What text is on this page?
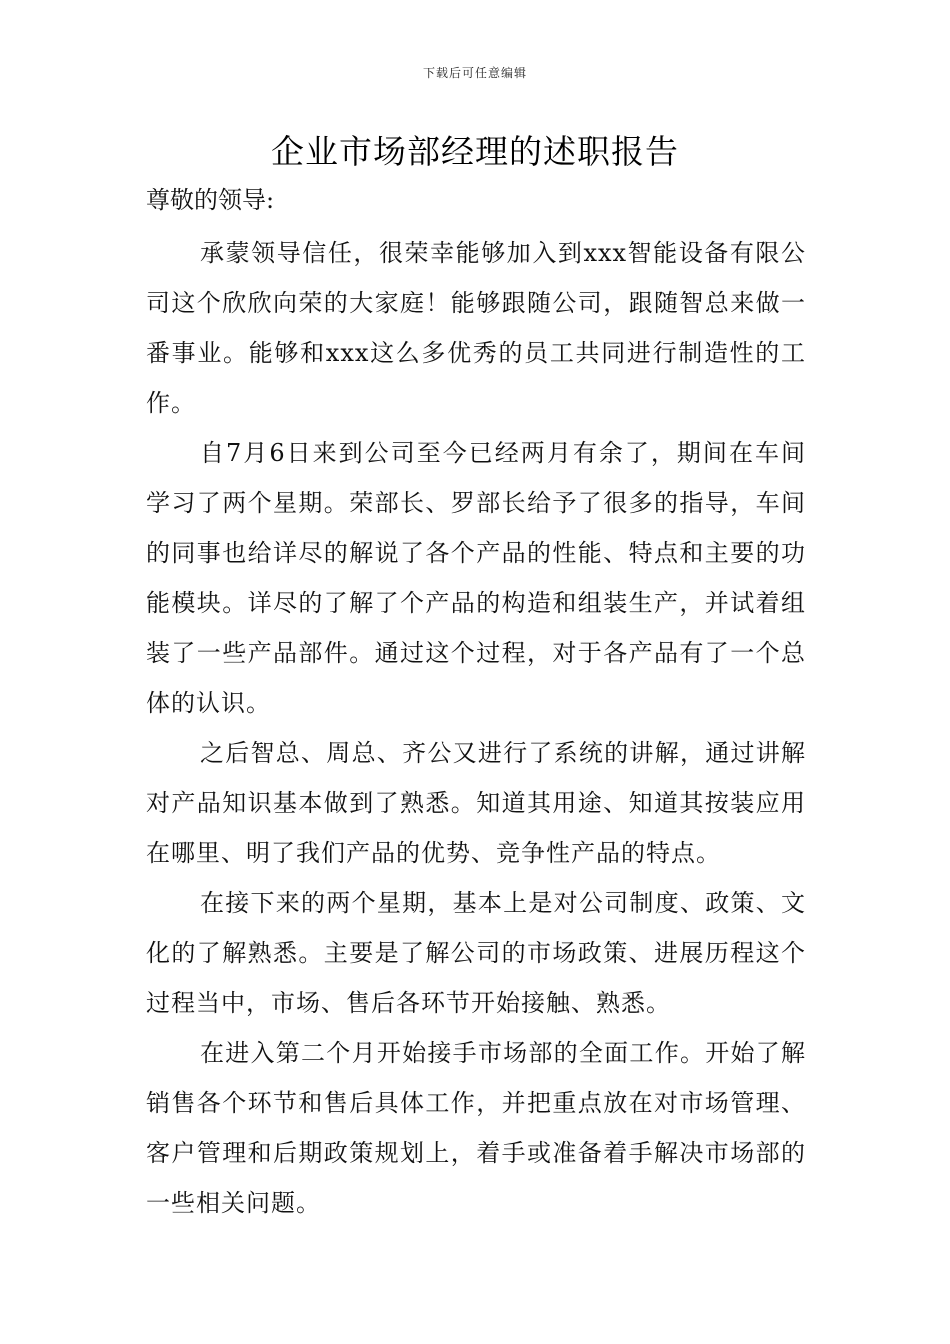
下载后可任意编辑
企业市场部经理的述职报告

尊敬的领导:

承蒙领导信任，很荣幸能够加入到xxx智能设备有限公司这个欣欣向荣的大家庭！能够跟随公司，跟随智总来做一番事业。能够和xxx这么多优秀的员工共同进行制造性的工作。

自7月6日来到公司至今已经两月有余了，期间在车间学习了两个星期。荣部长、罗部长给予了很多的指导，车间的同事也给详尽的解说了各个产品的性能、特点和主要的功能模块。详尽的了解了个产品的构造和组装生产，并试着组装了一些产品部件。通过这个过程，对于各产品有了一个总体的认识。

之后智总、周总、齐公又进行了系统的讲解，通过讲解对产品知识基本做到了熟悉。知道其用途、知道其按装应用在哪里、明了我们产品的优势、竞争性产品的特点。

在接下来的两个星期，基本上是对公司制度、政策、文化的了解熟悉。主要是了解公司的市场政策、进展历程这个过程当中，市场、售后各环节开始接触、熟悉。

在进入第二个月开始接手市场部的全面工作。开始了解销售各个环节和售后具体工作，并把重点放在对市场管理、客户管理和后期政策规划上，着手或准备着手解决市场部的一些相关问题。
